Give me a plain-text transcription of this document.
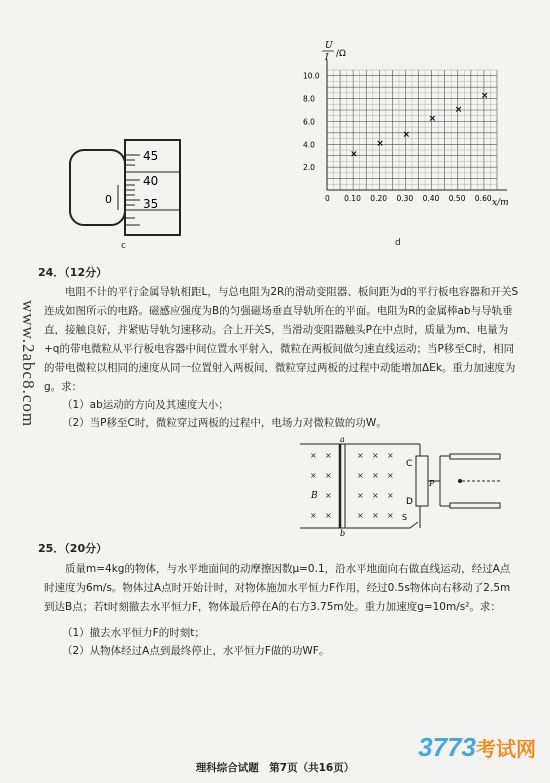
45
40
35
0
c
0 0.10 0.20 0.30 0.40 0.50 0.60
2.0
4.0
6.0
8.0
10.0
×
×
×
×
×
×
U
I /Ω
x/m
d
24．（12分）
电阻不计的平行金属导轨相距L，与总电阻为2R的滑动变阻器、板间距为d的平行板电容器和开关S连成如图所示的电路。磁感应强度为B的匀强磁场垂直导轨所在的平面。电阻为R的金属棒ab与导轨垂直，接触良好，并紧贴导轨匀速移动。合上开关S，当滑动变阻器触头P在中点时，质量为m、电量为+q的带电微粒从平行板电容器中间位置水平射入，微粒在两板间做匀速直线运动；当P移至C时，相同的带电微粒以相同的速度从同一位置射入两板间，微粒穿过两板的过程中动能增加ΔEk。重力加速度为g。求：
（1）ab运动的方向及其速度大小；
（2）当P移至C时，微粒穿过两板的过程中，电场力对微粒做的功W。
× ×	× × ×
× ×	× × ×
×	× × ×
× ×	× × ×
B
a
b
C
D
P
S
25．（20分）
质量m=4kg的物体，与水平地面间的动摩擦因数μ=0.1，沿水平地面向右做直线运动，经过A点时速度为6m/s。物体过A点时开始计时，对物体施加水平恒力F作用，经过0.5s物体向右移动了2.5m到达B点；若t时刻撤去水平恒力F，物体最后停在A的右方3.75m处。重力加速度g=10m/s²。求：
（1）撤去水平恒力F的时刻t；
（2）从物体经过A点到最终停止，水平恒力F做的功WF。
www.2abc8.com
3773考试网
理科综合试题　第7页（共16页）
